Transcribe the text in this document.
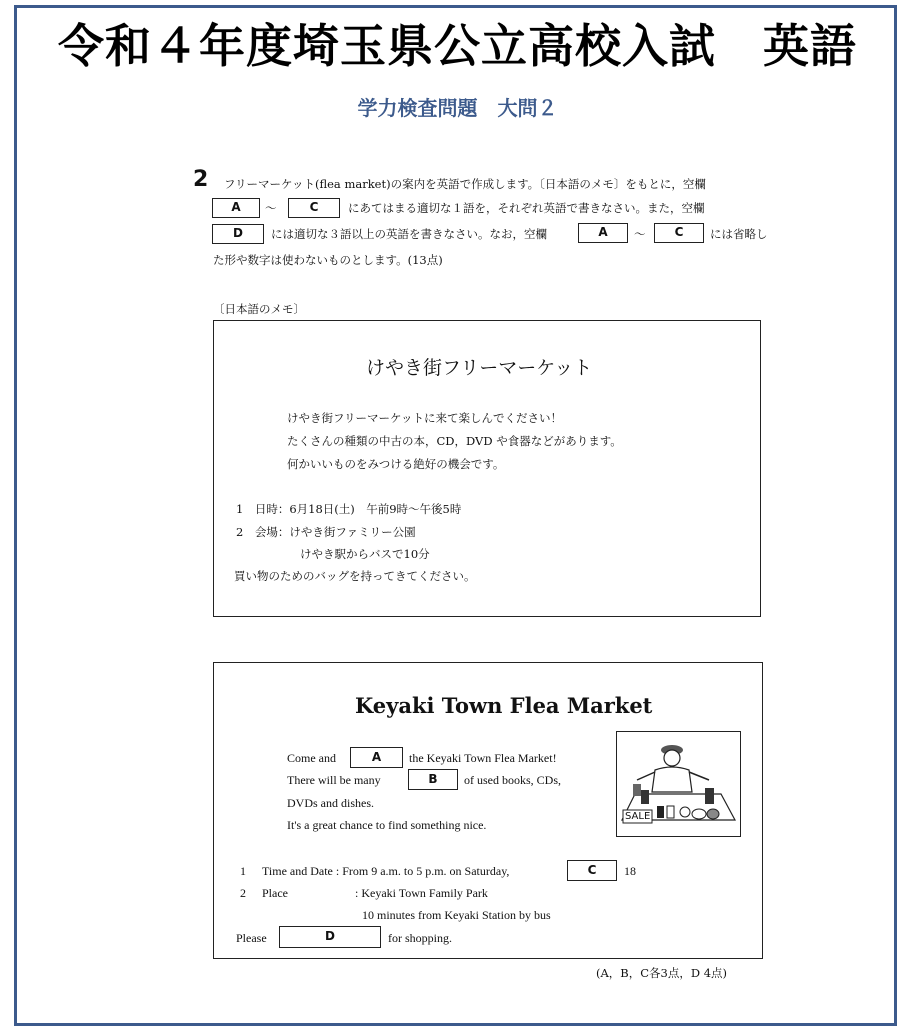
令和４年度埼玉県公立高校入試　英語
学力検査問題　大問２
2 フリーマーケット(flea market)の案内を英語で作成します。〔日本語のメモ〕をもとに，空欄
A	～	C	にあてはまる適切な１語を，それぞれ英語で書きなさい。また，空欄
D	には適切な３語以上の英語を書きなさい。なお，空欄	A	～	C	には省略し
た形や数字は使わないものとします。(13点)
〔日本語のメモ〕
けやき街フリーマーケット
けやき街フリーマーケットに来て楽しんでください！
たくさんの種類の中古の本，CD，DVD や食器などがあります。
何かいいものをみつける絶好の機会です。
1　日時：6月18日(土)　午前9時～午後5時
2　会場：けやき街ファミリー公園
けやき駅からバスで10分
買い物のためのバッグを持ってきてください。
Keyaki Town Flea Market
Come and	A	the Keyaki Town Flea Market!
There will be many	B	of used books, CDs,
DVDs and dishes.
It's a great chance to find something nice.
SALE
1 Time and Date : From 9 a.m. to 5 p.m. on Saturday,	C	18
2 Place	: Keyaki Town Family Park
10 minutes from Keyaki Station by bus
Please	D	for shopping.
(A，B，C各3点，D 4点)
